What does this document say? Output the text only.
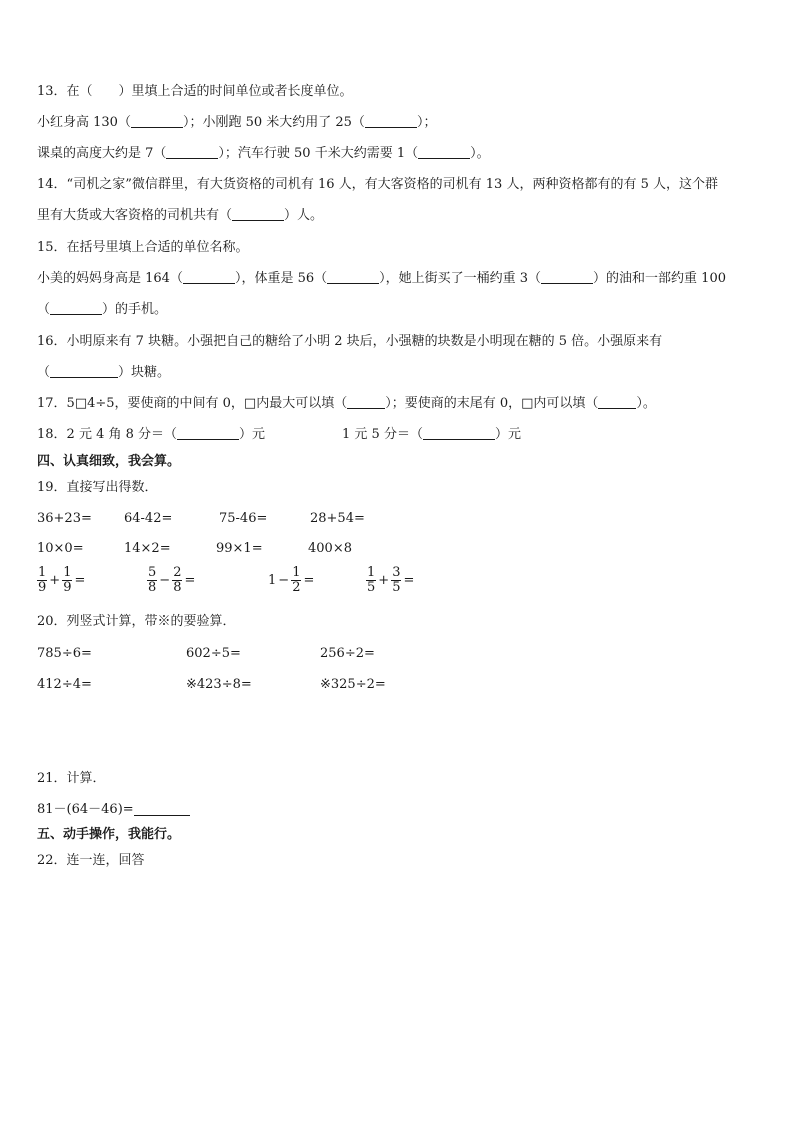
13．在（　　）里填上合适的时间单位或者长度单位。
小红身高 130（	）；小刚跑 50 米大约用了 25（	）；
课桌的高度大约是 7（	）；汽车行驶 50 千米大约需要 1（	）。
14．“司机之家”微信群里，有大货资格的司机有 16 人，有大客资格的司机有 13 人，两种资格都有的有 5 人，这个群
里有大货或大客资格的司机共有（	）人。
15．在括号里填上合适的单位名称。
小美的妈妈身高是 164（	），体重是 56（	），她上街买了一桶约重 3（	）的油和一部约重 100
（	）的手机。
16．小明原来有 7 块糖。小强把自己的糖给了小明 2 块后，小强糖的块数是小明现在糖的 5 倍。小强原来有
（	）块糖。
17．5□4÷5，要使商的中间有 0，□内最大可以填（	）；要使商的末尾有 0，□内可以填（	）。
18．2 元 4 角 8 分＝（	）元	1 元 5 分＝（	）元
四、认真细致，我会算。
19．直接写出得数．
36+23= 64-42=	75-46=	28+54=
10×0=	14×2=	99×1=	400×8
$\frac{1}{9} + \frac{1}{9}$ =	$\frac{5}{8} - \frac{2}{8}$ =	$1 - \frac{1}{2}$ =	$\frac{1}{5} + \frac{3}{5}$ =
20．列竖式计算，带※的要验算．
785÷6=	602÷5=	256÷2=
412÷4=	※423÷8=	※325÷2=
21．计算．
81－(64－46)=
五、动手操作，我能行。
22．连一连，回答
